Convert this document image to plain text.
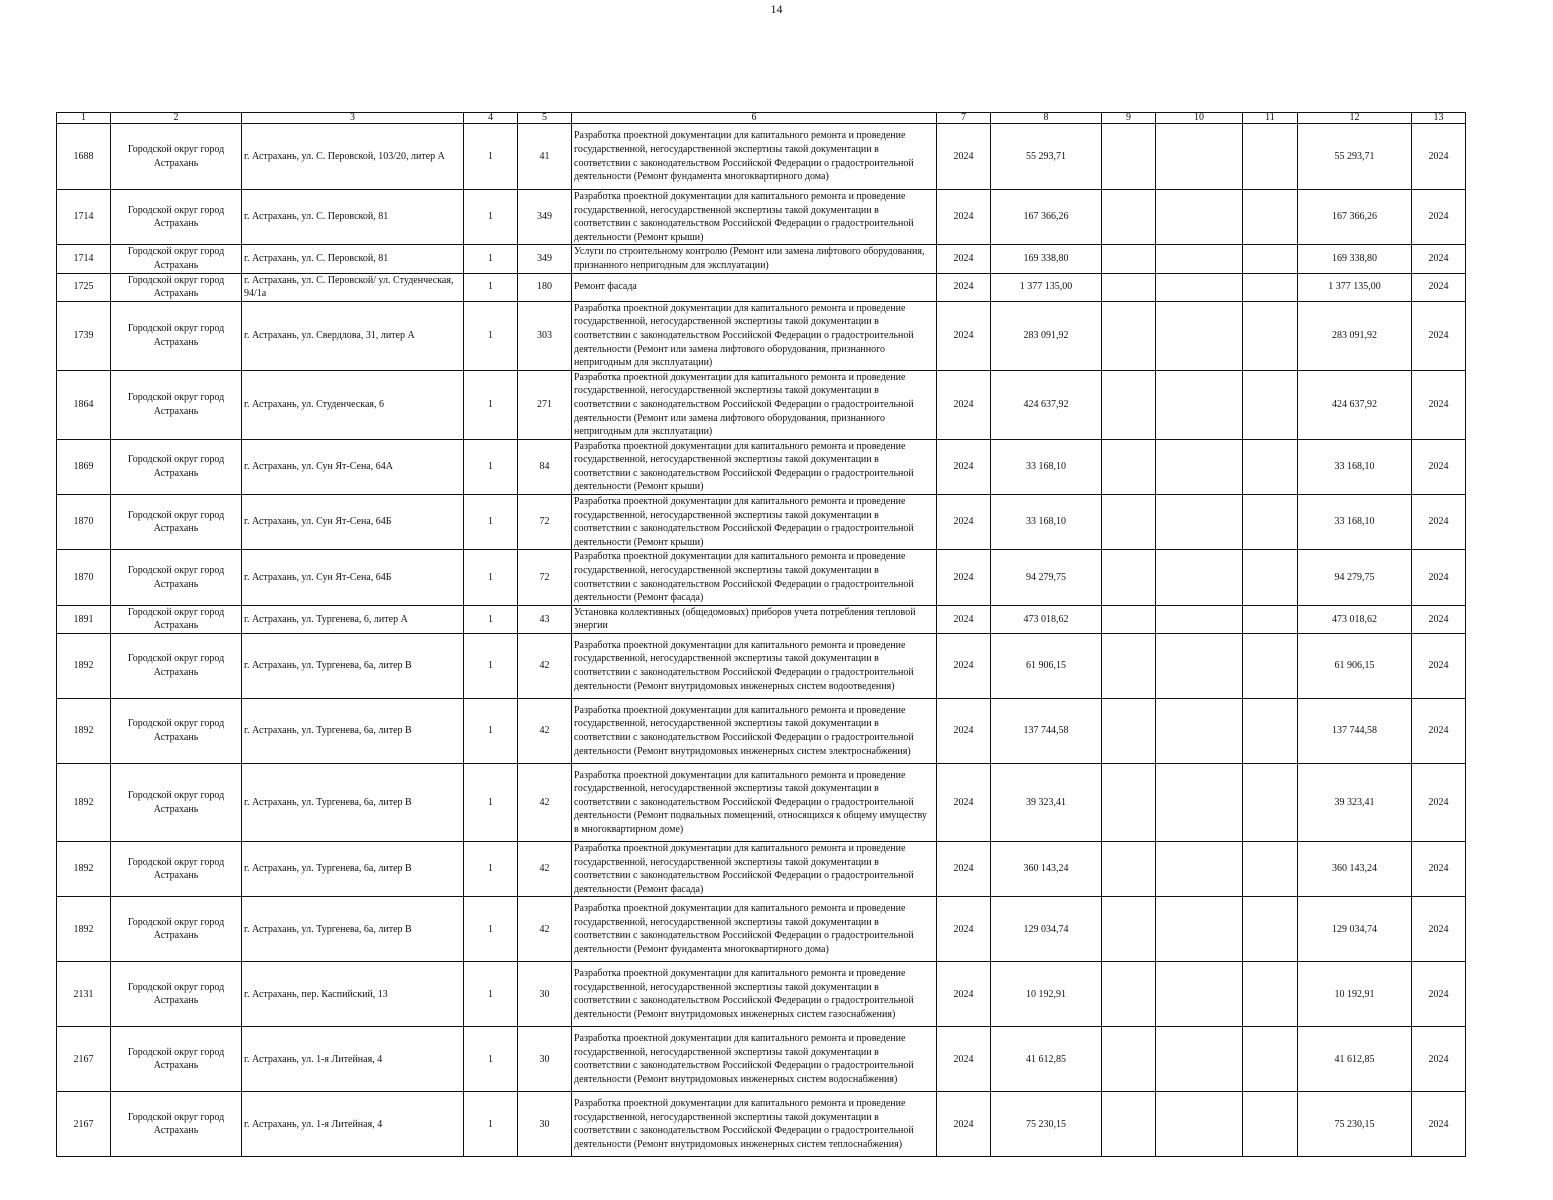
14
1	2	3	4	5	6	7	8	9	10	11	12	13
1688	Городской округ город Астрахань	г. Астрахань, ул. С. Перовской, 103/20, литер А	1	41	Разработка проектной документации для капитального ремонта и проведение государственной, негосударственной экспертизы такой документации в соответствии с законодательством Российской Федерации о градостроительной деятельности (Ремонт фундамента многоквартирного дома)	2024	55 293,71				55 293,71	2024
1714	Городской округ город Астрахань	г. Астрахань, ул. С. Перовской, 81	1	349	Разработка проектной документации для капитального ремонта и проведение государственной, негосударственной экспертизы такой документации в соответствии с законодательством Российской Федерации о градостроительной деятельности (Ремонт крыши)	2024	167 366,26				167 366,26	2024
1714	Городской округ город Астрахань	г. Астрахань, ул. С. Перовской, 81	1	349	Услуги по строительному контролю (Ремонт или замена лифтового оборудования, признанного непригодным для эксплуатации)	2024	169 338,80				169 338,80	2024
1725	Городской округ город Астрахань	г. Астрахань, ул. С. Перовской/ ул. Студенческая, 94/1а	1	180	Ремонт фасада	2024	1 377 135,00				1 377 135,00	2024
1739	Городской округ город Астрахань	г. Астрахань, ул. Свердлова, 31, литер А	1	303	Разработка проектной документации для капитального ремонта и проведение государственной, негосударственной экспертизы такой документации в соответствии с законодательством Российской Федерации о градостроительной деятельности (Ремонт или замена лифтового оборудования, признанного непригодным для эксплуатации)	2024	283 091,92				283 091,92	2024
1864	Городской округ город Астрахань	г. Астрахань, ул. Студенческая, 6	1	271	Разработка проектной документации для капитального ремонта и проведение государственной, негосударственной экспертизы такой документации в соответствии с законодательством Российской Федерации о градостроительной деятельности (Ремонт или замена лифтового оборудования, признанного непригодным для эксплуатации)	2024	424 637,92				424 637,92	2024
1869	Городской округ город Астрахань	г. Астрахань, ул. Сун Ят-Сена, 64А	1	84	Разработка проектной документации для капитального ремонта и проведение государственной, негосударственной экспертизы такой документации в соответствии с законодательством Российской Федерации о градостроительной деятельности (Ремонт крыши)	2024	33 168,10				33 168,10	2024
1870	Городской округ город Астрахань	г. Астрахань, ул. Сун Ят-Сена, 64Б	1	72	Разработка проектной документации для капитального ремонта и проведение государственной, негосударственной экспертизы такой документации в соответствии с законодательством Российской Федерации о градостроительной деятельности (Ремонт крыши)	2024	33 168,10				33 168,10	2024
1870	Городской округ город Астрахань	г. Астрахань, ул. Сун Ят-Сена, 64Б	1	72	Разработка проектной документации для капитального ремонта и проведение государственной, негосударственной экспертизы такой документации в соответствии с законодательством Российской Федерации о градостроительной деятельности (Ремонт фасада)	2024	94 279,75				94 279,75	2024
1891	Городской округ город Астрахань	г. Астрахань, ул. Тургенева, 6, литер А	1	43	Установка коллективных (общедомовых) приборов учета потребления тепловой энергии	2024	473 018,62				473 018,62	2024
1892	Городской округ город Астрахань	г. Астрахань, ул. Тургенева, 6а, литер В	1	42	Разработка проектной документации для капитального ремонта и проведение государственной, негосударственной экспертизы такой документации в соответствии с законодательством Российской Федерации о градостроительной деятельности (Ремонт внутридомовых инженерных систем водоотведения)	2024	61 906,15				61 906,15	2024
1892	Городской округ город Астрахань	г. Астрахань, ул. Тургенева, 6а, литер В	1	42	Разработка проектной документации для капитального ремонта и проведение государственной, негосударственной экспертизы такой документации в соответствии с законодательством Российской Федерации о градостроительной деятельности (Ремонт внутридомовых инженерных систем электроснабжения)	2024	137 744,58				137 744,58	2024
1892	Городской округ город Астрахань	г. Астрахань, ул. Тургенева, 6а, литер В	1	42	Разработка проектной документации для капитального ремонта и проведение государственной, негосударственной экспертизы такой документации в соответствии с законодательством Российской Федерации о градостроительной деятельности (Ремонт подвальных помещений, относящихся к общему имуществу в многоквартирном доме)	2024	39 323,41				39 323,41	2024
1892	Городской округ город Астрахань	г. Астрахань, ул. Тургенева, 6а, литер В	1	42	Разработка проектной документации для капитального ремонта и проведение государственной, негосударственной экспертизы такой документации в соответствии с законодательством Российской Федерации о градостроительной деятельности (Ремонт фасада)	2024	360 143,24				360 143,24	2024
1892	Городской округ город Астрахань	г. Астрахань, ул. Тургенева, 6а, литер В	1	42	Разработка проектной документации для капитального ремонта и проведение государственной, негосударственной экспертизы такой документации в соответствии с законодательством Российской Федерации о градостроительной деятельности (Ремонт фундамента многоквартирного дома)	2024	129 034,74				129 034,74	2024
2131	Городской округ город Астрахань	г. Астрахань, пер. Каспийский, 13	1	30	Разработка проектной документации для капитального ремонта и проведение государственной, негосударственной экспертизы такой документации в соответствии с законодательством Российской Федерации о градостроительной деятельности (Ремонт внутридомовых инженерных систем газоснабжения)	2024	10 192,91				10 192,91	2024
2167	Городской округ город Астрахань	г. Астрахань, ул. 1-я Литейная, 4	1	30	Разработка проектной документации для капитального ремонта и проведение государственной, негосударственной экспертизы такой документации в соответствии с законодательством Российской Федерации о градостроительной деятельности (Ремонт внутридомовых инженерных систем водоснабжения)	2024	41 612,85				41 612,85	2024
2167	Городской округ город Астрахань	г. Астрахань, ул. 1-я Литейная, 4	1	30	Разработка проектной документации для капитального ремонта и проведение государственной, негосударственной экспертизы такой документации в соответствии с законодательством Российской Федерации о градостроительной деятельности (Ремонт внутридомовых инженерных систем теплоснабжения)	2024	75 230,15				75 230,15	2024
